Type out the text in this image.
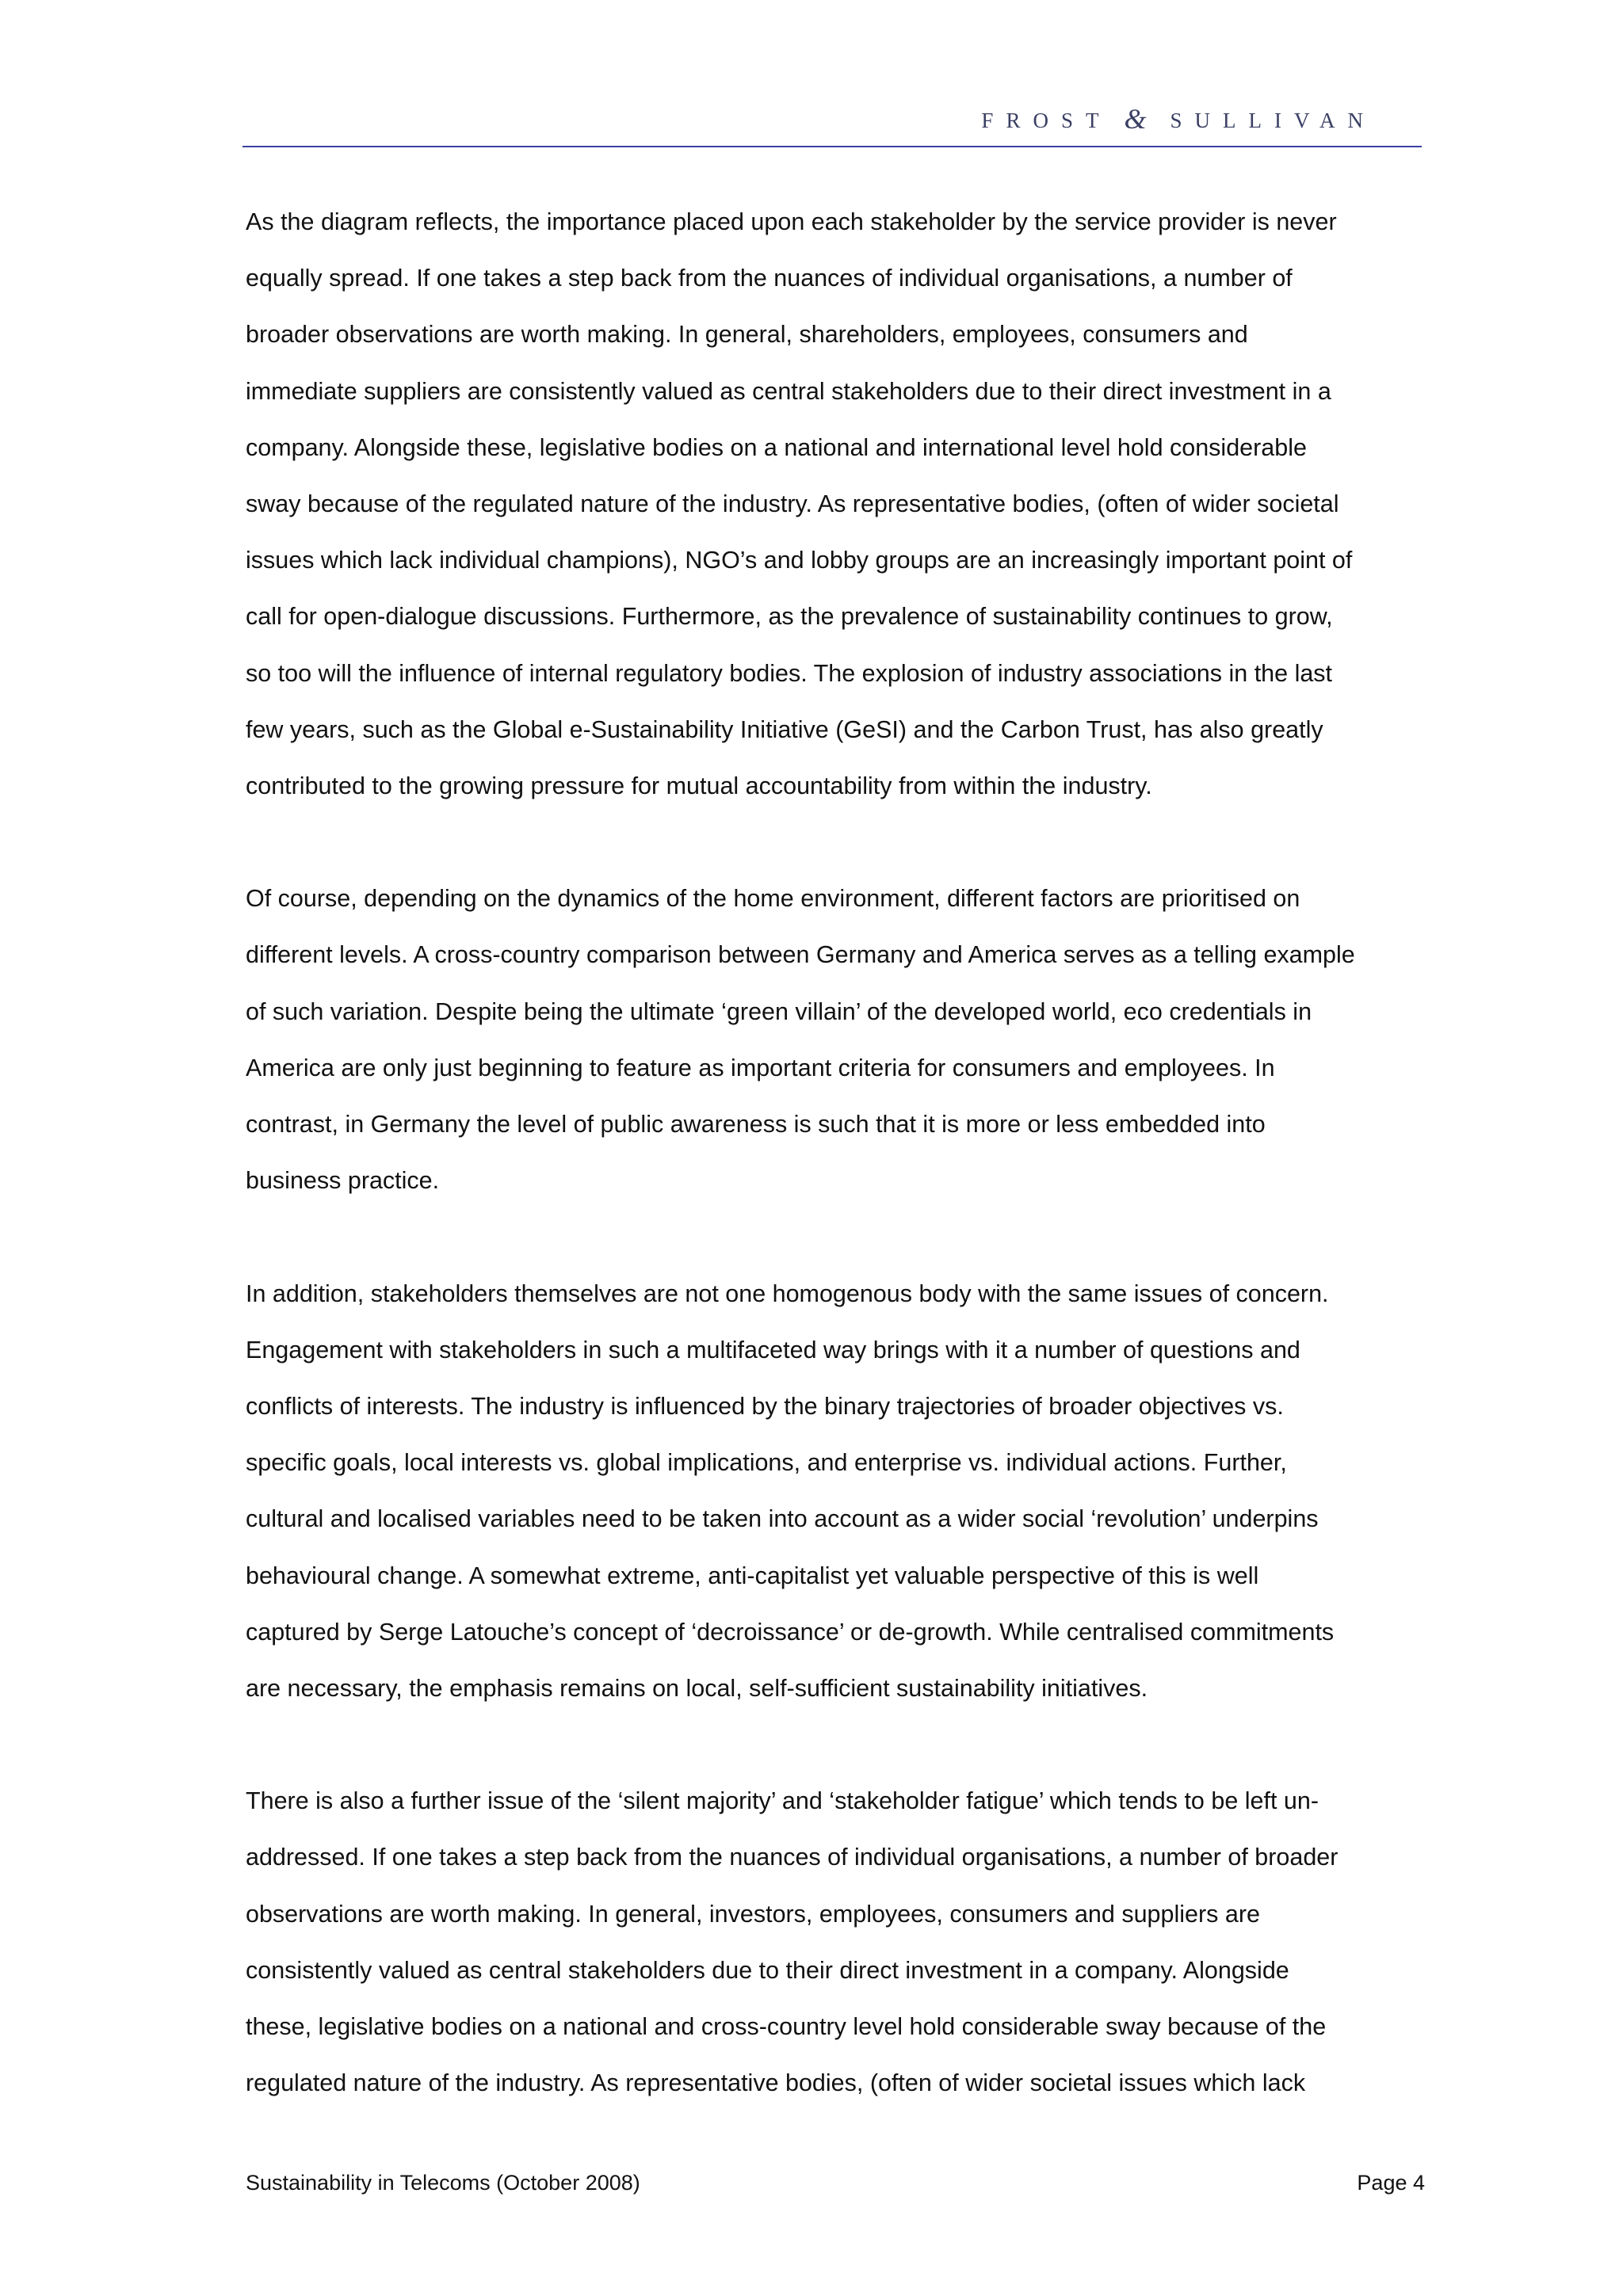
FROST & SULLIVAN
As the diagram reflects, the importance placed upon each stakeholder by the service provider is never
equally spread. If one takes a step back from the nuances of individual organisations, a number of
broader observations are worth making. In general, shareholders, employees, consumers and
immediate suppliers are consistently valued as central stakeholders due to their direct investment in a
company. Alongside these, legislative bodies on a national and international level hold considerable
sway because of the regulated nature of the industry. As representative bodies, (often of wider societal
issues which lack individual champions), NGO’s and lobby groups are an increasingly important point of
call for open-dialogue discussions. Furthermore, as the prevalence of sustainability continues to grow,
so too will the influence of internal regulatory bodies. The explosion of industry associations in the last
few years, such as the Global e-Sustainability Initiative (GeSI) and the Carbon Trust, has also greatly
contributed to the growing pressure for mutual accountability from within the industry.
Of course, depending on the dynamics of the home environment, different factors are prioritised on
different levels. A cross-country comparison between Germany and America serves as a telling example
of such variation. Despite being the ultimate ‘green villain’ of the developed world, eco credentials in
America are only just beginning to feature as important criteria for consumers and employees. In
contrast, in Germany the level of public awareness is such that it is more or less embedded into
business practice.
In addition, stakeholders themselves are not one homogenous body with the same issues of concern.
Engagement with stakeholders in such a multifaceted way brings with it a number of questions and
conflicts of interests. The industry is influenced by the binary trajectories of broader objectives vs.
specific goals, local interests vs. global implications, and enterprise vs. individual actions. Further,
cultural and localised variables need to be taken into account as a wider social ‘revolution’ underpins
behavioural change. A somewhat extreme, anti-capitalist yet valuable perspective of this is well
captured by Serge Latouche’s concept of ‘decroissance’ or de-growth. While centralised commitments
are necessary, the emphasis remains on local, self-sufficient sustainability initiatives.
There is also a further issue of the ‘silent majority’ and ‘stakeholder fatigue’ which tends to be left un-
addressed. If one takes a step back from the nuances of individual organisations, a number of broader
observations are worth making. In general, investors, employees, consumers and suppliers are
consistently valued as central stakeholders due to their direct investment in a company. Alongside
these, legislative bodies on a national and cross-country level hold considerable sway because of the
regulated nature of the industry. As representative bodies, (often of wider societal issues which lack
Sustainability in Telecoms (October 2008)	Page 4
